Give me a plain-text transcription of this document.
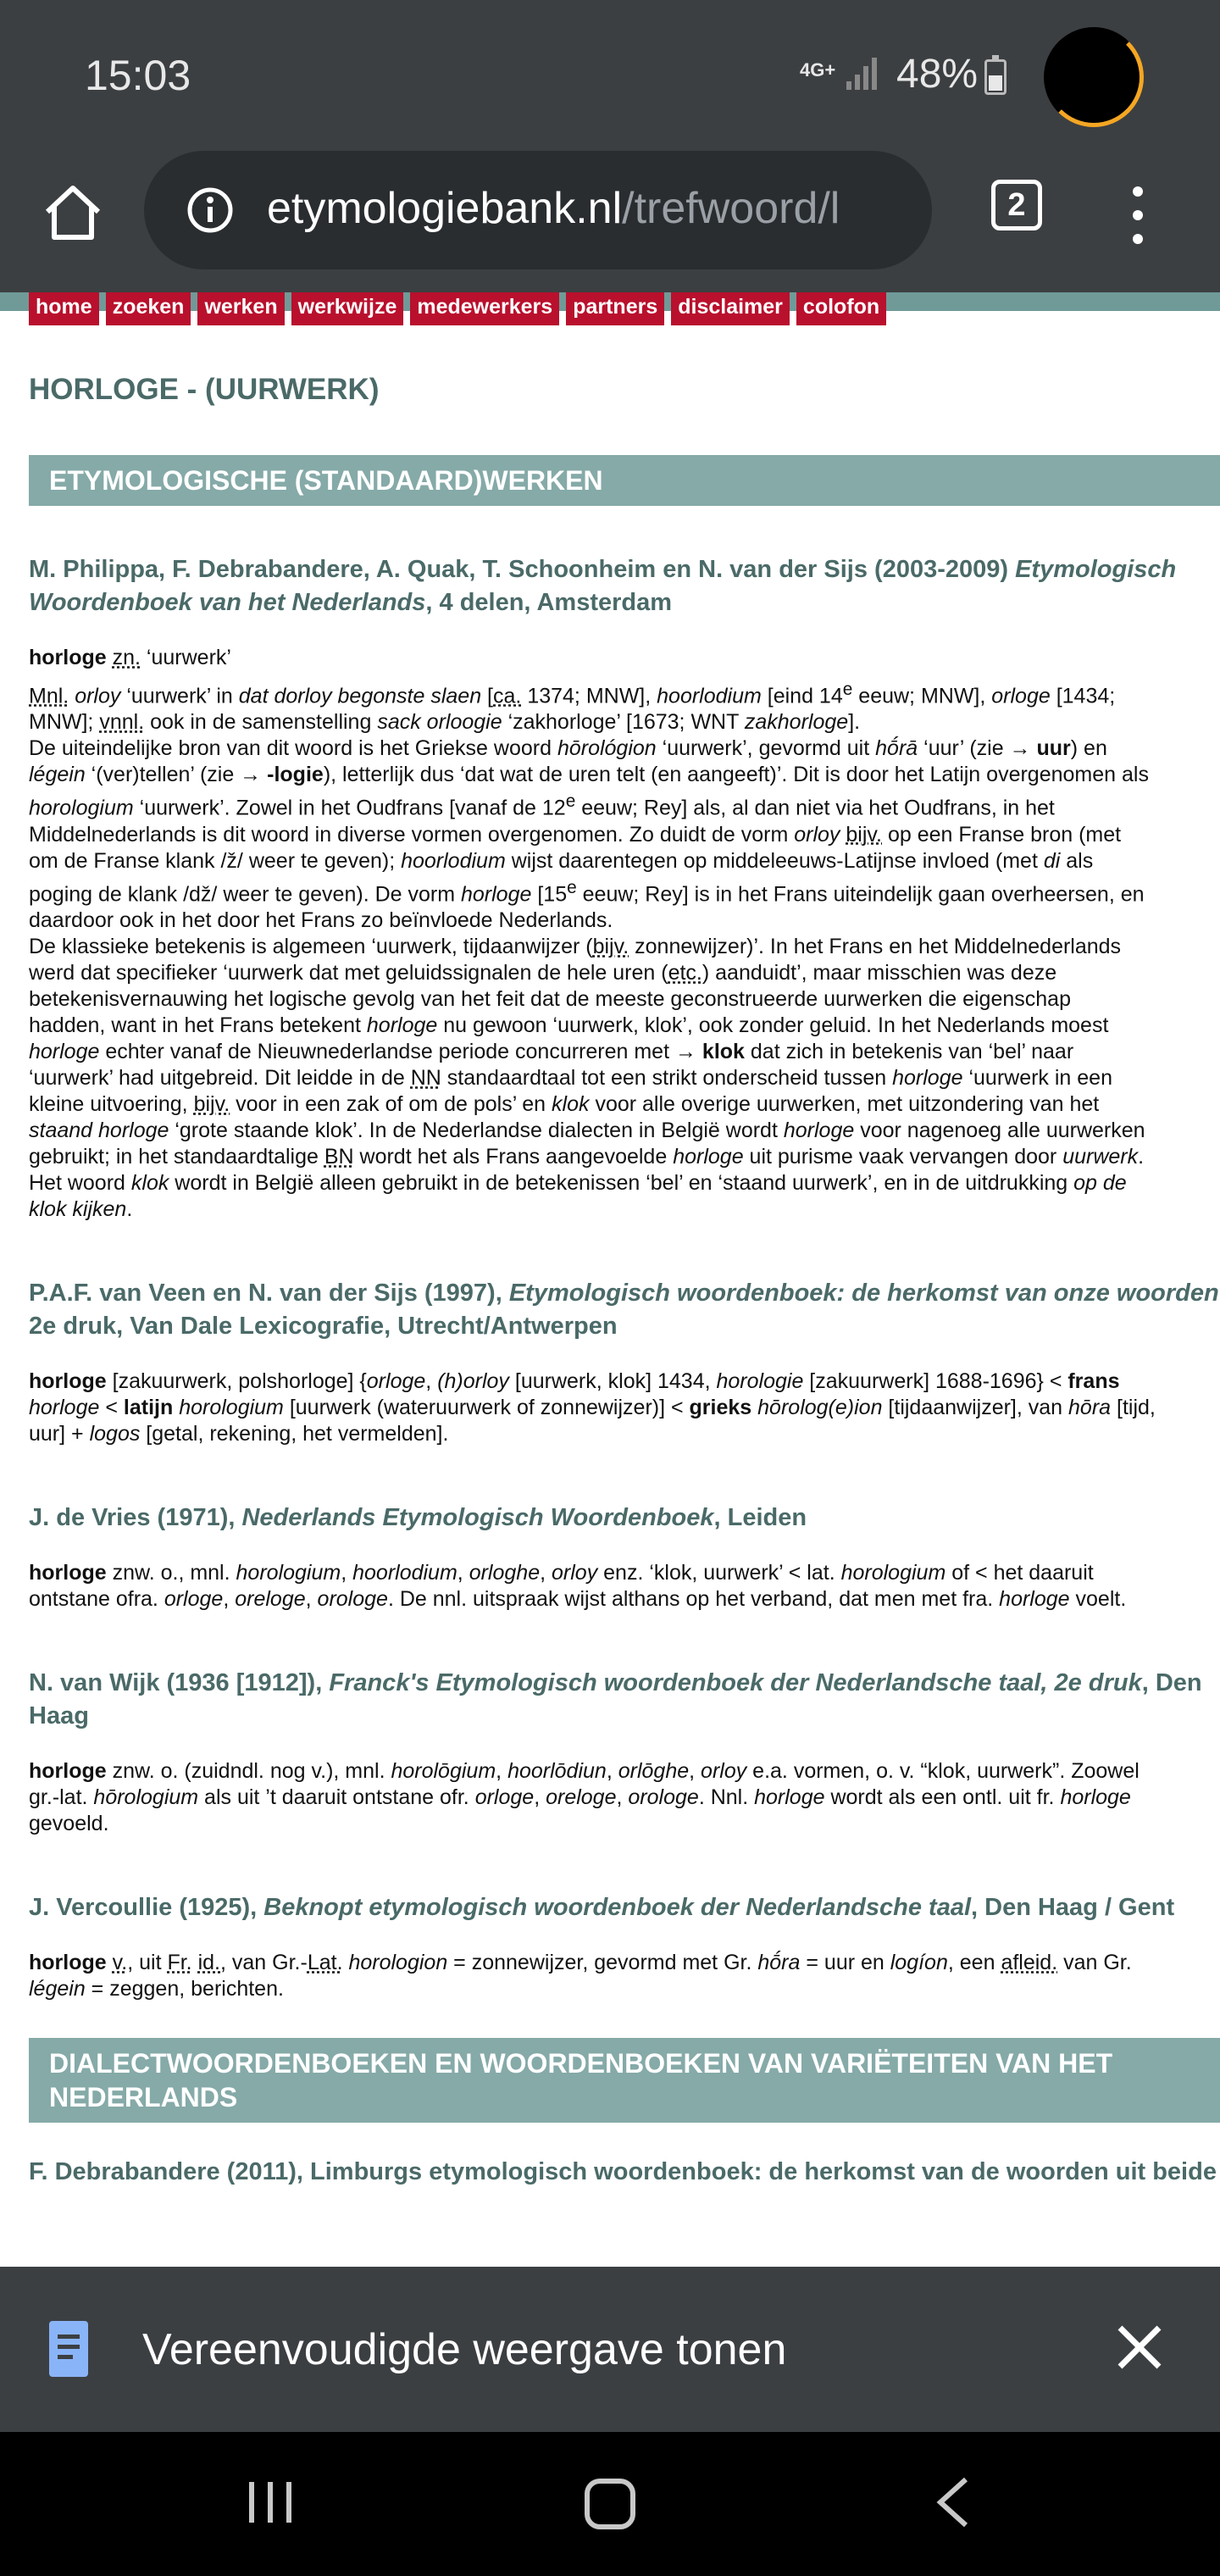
15:03	4G+ 48%
etymologiebank.nl/trefwoord/l	2
home zoeken werken werkwijze medewerkers partners disclaimer colofon
HORLOGE - (UURWERK)
ETYMOLOGISCHE (STANDAARD)WERKEN
M. Philippa, F. Debrabandere, A. Quak, T. Schoonheim en N. van der Sijs (2003-2009) Etymologisch
Woordenboek van het Nederlands, 4 delen, Amsterdam

horloge zn. ‘uurwerk’

Mnl. orloy ‘uurwerk’ in dat dorloy begonste slaen [ca. 1374; MNW], hoorlodium [eind 14e eeuw; MNW], orloge [1434;

MNW]; vnnl. ook in de samenstelling sack orloogie ‘zakhorloge’ [1673; WNT zakhorloge].

De uiteindelijke bron van dit woord is het Griekse woord hōrológion ‘uurwerk’, gevormd uit hṓrā ‘uur’ (zie → uur) en

légein ‘(ver)tellen’ (zie → -logie), letterlijk dus ‘dat wat de uren telt (en aangeeft)’. Dit is door het Latijn overgenomen als

horologium ‘uurwerk’. Zowel in het Oudfrans [vanaf de 12e eeuw; Rey] als, al dan niet via het Oudfrans, in het

Middelnederlands is dit woord in diverse vormen overgenomen. Zo duidt de vorm orloy bijv. op een Franse bron (met

om de Franse klank /ž/ weer te geven); hoorlodium wijst daarentegen op middeleeuws-Latijnse invloed (met di als

poging de klank /dž/ weer te geven). De vorm horloge [15e eeuw; Rey] is in het Frans uiteindelijk gaan overheersen, en

daardoor ook in het door het Frans zo beïnvloede Nederlands.

De klassieke betekenis is algemeen ‘uurwerk, tijdaanwijzer (bijv. zonnewijzer)’. In het Frans en het Middelnederlands

werd dat specifieker ‘uurwerk dat met geluidssignalen de hele uren (etc.) aanduidt’, maar misschien was deze

betekenisvernauwing het logische gevolg van het feit dat de meeste geconstrueerde uurwerken die eigenschap

hadden, want in het Frans betekent horloge nu gewoon ‘uurwerk, klok’, ook zonder geluid. In het Nederlands moest

horloge echter vanaf de Nieuwnederlandse periode concurreren met → klok dat zich in betekenis van ‘bel’ naar

‘uurwerk’ had uitgebreid. Dit leidde in de NN standaardtaal tot een strikt onderscheid tussen horloge ‘uurwerk in een

kleine uitvoering, bijv. voor in een zak of om de pols’ en klok voor alle overige uurwerken, met uitzondering van het

staand horloge ‘grote staande klok’. In de Nederlandse dialecten in België wordt horloge voor nagenoeg alle uurwerken

gebruikt; in het standaardtalige BN wordt het als Frans aangevoelde horloge uit purisme vaak vervangen door uurwerk.

Het woord klok wordt in België alleen gebruikt in de betekenissen ‘bel’ en ‘staand uurwerk’, en in de uitdrukking op de

klok kijken.

P.A.F. van Veen en N. van der Sijs (1997), Etymologisch woordenboek: de herkomst van onze woorden
2e druk, Van Dale Lexicografie, Utrecht/Antwerpen

horloge [zakuurwerk, polshorloge] {orloge, (h)orloy [uurwerk, klok] 1434, horologie [zakuurwerk] 1688-1696} < frans

horloge < latijn horologium [uurwerk (wateruurwerk of zonnewijzer)] < grieks hōrolog(e)ion [tijdaanwijzer], van hōra [tijd,

uur] + logos [getal, rekening, het vermelden].

J. de Vries (1971), Nederlands Etymologisch Woordenboek, Leiden

horloge znw. o., mnl. horologium, hoorlodium, orloghe, orloy enz. ‘klok, uurwerk’ < lat. horologium of < het daaruit

ontstane ofra. orloge, oreloge, orologe. De nnl. uitspraak wijst althans op het verband, dat men met fra. horloge voelt.

N. van Wijk (1936 [1912]), Franck's Etymologisch woordenboek der Nederlandsche taal, 2e druk, Den
Haag

horloge znw. o. (zuidndl. nog v.), mnl. horolōgium, hoorlōdiun, orlōghe, orloy e.a. vormen, o. v. “klok, uurwerk”. Zoowel

gr.-lat. hōrologium als uit ’t daaruit ontstane ofr. orloge, oreloge, orologe. Nnl. horloge wordt als een ontl. uit fr. horloge

gevoeld.

J. Vercoullie (1925), Beknopt etymologisch woordenboek der Nederlandsche taal, Den Haag / Gent

horloge v., uit Fr. id., van Gr.-Lat. horologion = zonnewijzer, gevormd met Gr. hṓra = uur en logíon, een afleid. van Gr.

légein = zeggen, berichten.

DIALECTWOORDENBOEKEN EN WOORDENBOEKEN VAN VARIËTEITEN VAN HET
NEDERLANDS
F. Debrabandere (2011), Limburgs etymologisch woordenboek: de herkomst van de woorden uit beide
Vereenvoudigde weergave tonen
